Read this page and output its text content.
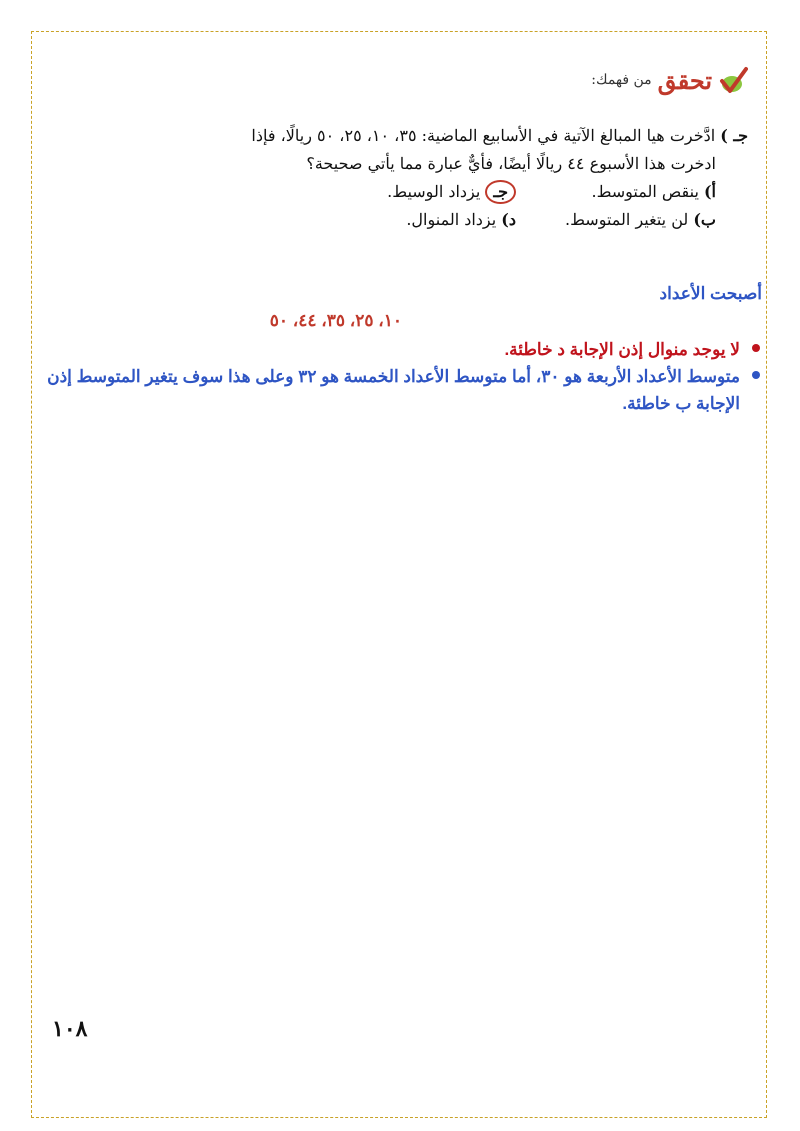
تحقق
من فهمك:
جـ ) ادَّخرت هيا المبالغ الآتية في الأسابيع الماضية: ٣٥، ١٠، ٢٥، ٥٠ ريالًا، فإذا
ادخرت هذا الأسبوع ٤٤ ريالًا أيضًا، فأيٌّ عبارة مما يأتي صحيحة؟
أ) ينقص المتوسط.
جـ يزداد الوسيط.
ب) لن يتغير المتوسط.
د) يزداد المنوال.
أصبحت الأعداد
١٠، ٢٥، ٣٥، ٤٤، ٥٠
لا يوجد منوال إذن الإجابة د خاطئة.
متوسط الأعداد الأربعة هو ٣٠، أما متوسط الأعداد الخمسة هو ٣٢ وعلى هذا سوف يتغير المتوسط إذن الإجابة ب خاطئة.
١٠٨
